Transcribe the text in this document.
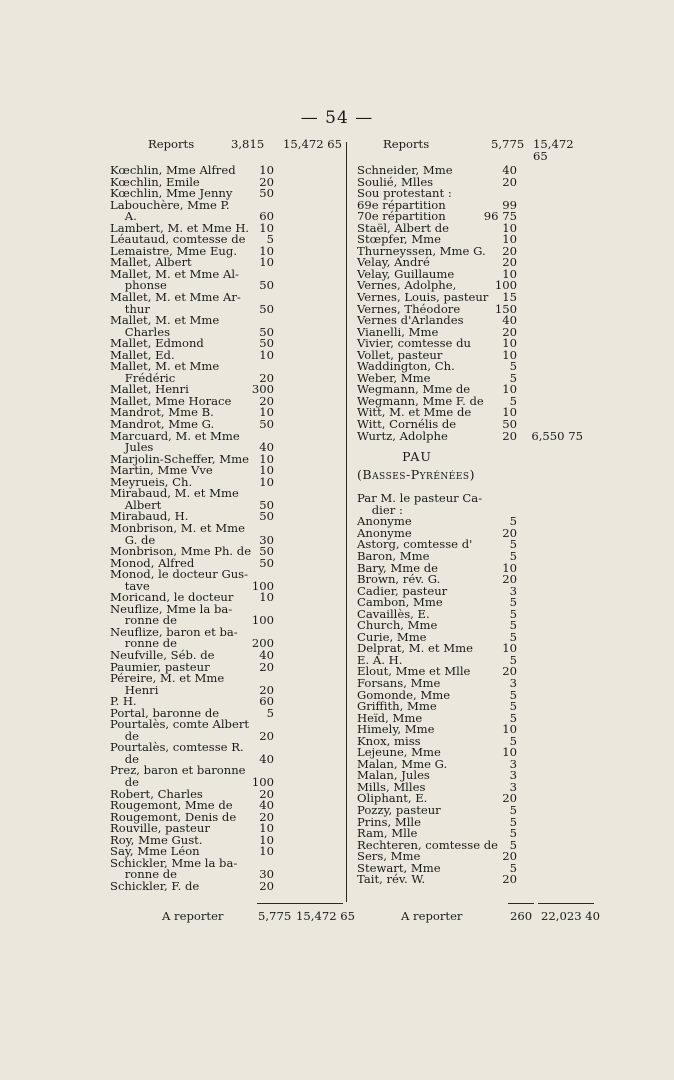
— 54 —
Reports	3,815 15,472 65
Kœchlin, Mme Alfred	10
Kœchlin, Emile	20
Kœchlin, Mme Jenny	50
Labouchère, Mme P.
A.	60
Lambert, M. et Mme H. 10
Léautaud, comtesse de	5
Lemaistre, Mme Eug.	10
Mallet, Albert	10
Mallet, M. et Mme Al-
phonse	50
Mallet, M. et Mme Ar-
thur	50
Mallet, M. et Mme
Charles	50
Mallet, Edmond	50
Mallet, Ed.	10
Mallet, M. et Mme
Frédéric	20
Mallet, Henri	300
Mallet, Mme Horace	20
Mandrot, Mme B.	10
Mandrot, Mme G.	50
Marcuard, M. et Mme
Jules	40
Marjolin-Scheffer, Mme 10
Martin, Mme Vve	10
Meyrueis, Ch.	10
Mirabaud, M. et Mme
Albert	50
Mirabaud, H.	50
Monbrison, M. et Mme
G. de	30
Monbrison, Mme Ph. de 50
Monod, Alfred	50
Monod, le docteur Gus-
tave	100
Moricand, le docteur	10
Neuflize, Mme la ba-
ronne de	100
Neuflize, baron et ba-
ronne de	200
Neufville, Séb. de	40
Paumier, pasteur	20
Péreire, M. et Mme
Henri	20
P. H.	60
Portal, baronne de	5
Pourtalès, comte Albert
de	20
Pourtalès, comtesse R.
de	40
Prez, baron et baronne
de	100
Robert, Charles	20
Rougemont, Mme de	40
Rougemont, Denis de	20
Rouville, pasteur	10
Roy, Mme Gust.	10
Say, Mme Léon	10
Schickler, Mme la ba-
ronne de	30
Schickler, F. de	20
A reporter	5,775 15,472 65
Reports	5,775 15,472 65
Schneider, Mme	40
Soulié, Mlles	20
Sou protestant :
69e répartition	99
70e répartition	96 75
Staël, Albert de	10
Stœpfer, Mme	10
Thurneyssen, Mme G.	20
Velay, André	20
Velay, Guillaume	10
Vernes, Adolphe,	100
Vernes, Louis, pasteur	15
Vernes, Théodore	150
Vernes d'Arlandes	40
Vianelli, Mme	20
Vivier, comtesse du	10
Vollet, pasteur	10
Waddington, Ch.	5
Weber, Mme	5
Wegmann, Mme de	10
Wegmann, Mme F. de	5
Witt, M. et Mme de	10
Witt, Cornélis de	50
Wurtz, Adolphe	20 6,550 75
PAU
(Basses-Pyrénées)
Par M. le pasteur Ca-
dier :
Anonyme	5
Anonyme	20
Astorg, comtesse d'	5
Baron, Mme	5
Bary, Mme de	10
Brown, rév. G.	20
Cadier, pasteur	3
Cambon, Mme	5
Cavaillès, E.	5
Church, Mme	5
Curie, Mme	5
Delprat, M. et Mme	10
E. A. H.	5
Elout, Mme et Mlle	20
Forsans, Mme	3
Gomonde, Mme	5
Griffith, Mme	5
Heïd, Mme	5
Himely, Mme	10
Knox, miss	5
Lejeune, Mme	10
Malan, Mme G.	3
Malan, Jules	3
Mills, Mlles	3
Oliphant, E.	20
Pozzy, pasteur	5
Prins, Mlle	5
Ram, Mlle	5
Rechteren, comtesse de 5
Sers, Mme	20
Stewart, Mme	5
Tait, rév. W.	20
A reporter	260 22,023 40
